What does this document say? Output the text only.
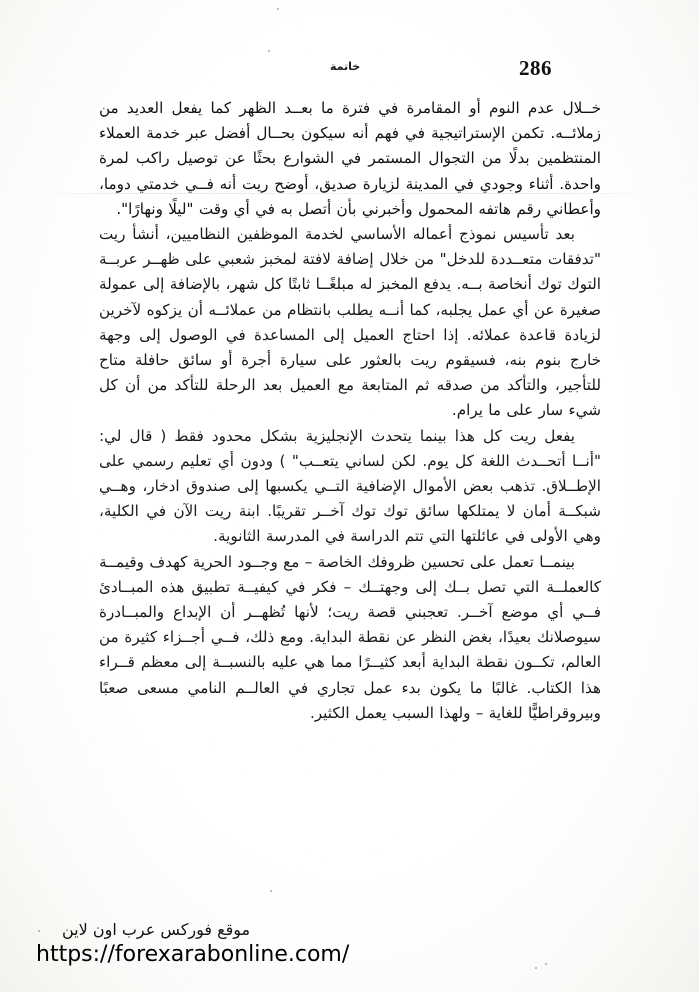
خاتمة	286

خــلال عدم النوم أو المقامرة في فترة ما بعــد الظهر كما يفعل العديد من زملائــه. تكمن الإستراتيجية في فهم أنه سيكون بحــال أفضل عبر خدمة العملاء المنتظمين بدلًا من التجوال المستمر في الشوارع بحثًا عن توصيل راكب لمرة واحدة. أثناء وجودي في المدينة لزيارة صديق، أوضح ريت أنه فــي خدمتي دوما، وأعطاني رقم هاتفه المحمول وأخبرني بأن أتصل به في أي وقت "ليلًا ونهارًا".

بعد تأسيس نموذج أعماله الأساسي لخدمة الموظفين النظاميين، أنشأ ريت "تدفقات متعــددة للدخل" من خلال إضافة لافتة لمخبز شعبي على ظهــر عربــة التوك توك أنخاصة بــه. يدفع المخبز له مبلغًــا ثابتًا كل شهر، بالإضافة إلى عمولة صغيرة عن أي عمل يجلبه، كما أنــه يطلب بانتظام من عملائــه أن يزكوه لآخرين لزيادة قاعدة عملائه. إذا احتاج العميل إلى المساعدة في الوصول إلى وجهة خارج بنوم بنه، فسيقوم ريت بالعثور على سيارة أجرة أو سائق حافلة متاح للتأجير، والتأكد من صدقه ثم المتابعة مع العميل بعد الرحلة للتأكد من أن كل شيء سار على ما يرام.

يفعل ريت كل هذا بينما يتحدث الإنجليزية بشكل محدود فقط ( قال لي: "أنــا أتحــدث اللغة كل يوم. لكن لساني يتعــب" ) ودون أي تعليم رسمي على الإطــلاق. تذهب بعض الأموال الإضافية التــي يكسبها إلى صندوق ادخار، وهــي شبكــة أمان لا يمتلكها سائق توك توك آخــر تقريبًا. ابنة ريت الآن في الكلية، وهي الأولى في عائلتها التي تتم الدراسة في المدرسة الثانوية.

بينمــا تعمل على تحسين ظروفك الخاصة – مع وجــود الحرية كهدف وقيمــة كالعملــة التي تصل بــك إلى وجهتــك – فكر في كيفيــة تطبيق هذه المبــادئ فــي أي موضع آخــر. تعجبني قصة ريت؛ لأنها تُظهــر أن الإبداع والمبــادرة سيوصلانك بعيدًا، بغض النظر عن نقطة البداية. ومع ذلك، فــي أجــزاء كثيرة من العالم، تكــون نقطة البداية أبعد كثيــرًا مما هي عليه بالنسبــة إلى معظم قــراء هذا الكتاب. غالبًا ما يكون بدء عمل تجاري في العالــم النامي مسعى صعبًا وبيروقراطيًّا للغاية – ولهذا السبب يعمل الكثير.

موقع فوركس عرب اون لاين
https://forexarabonline.com/
